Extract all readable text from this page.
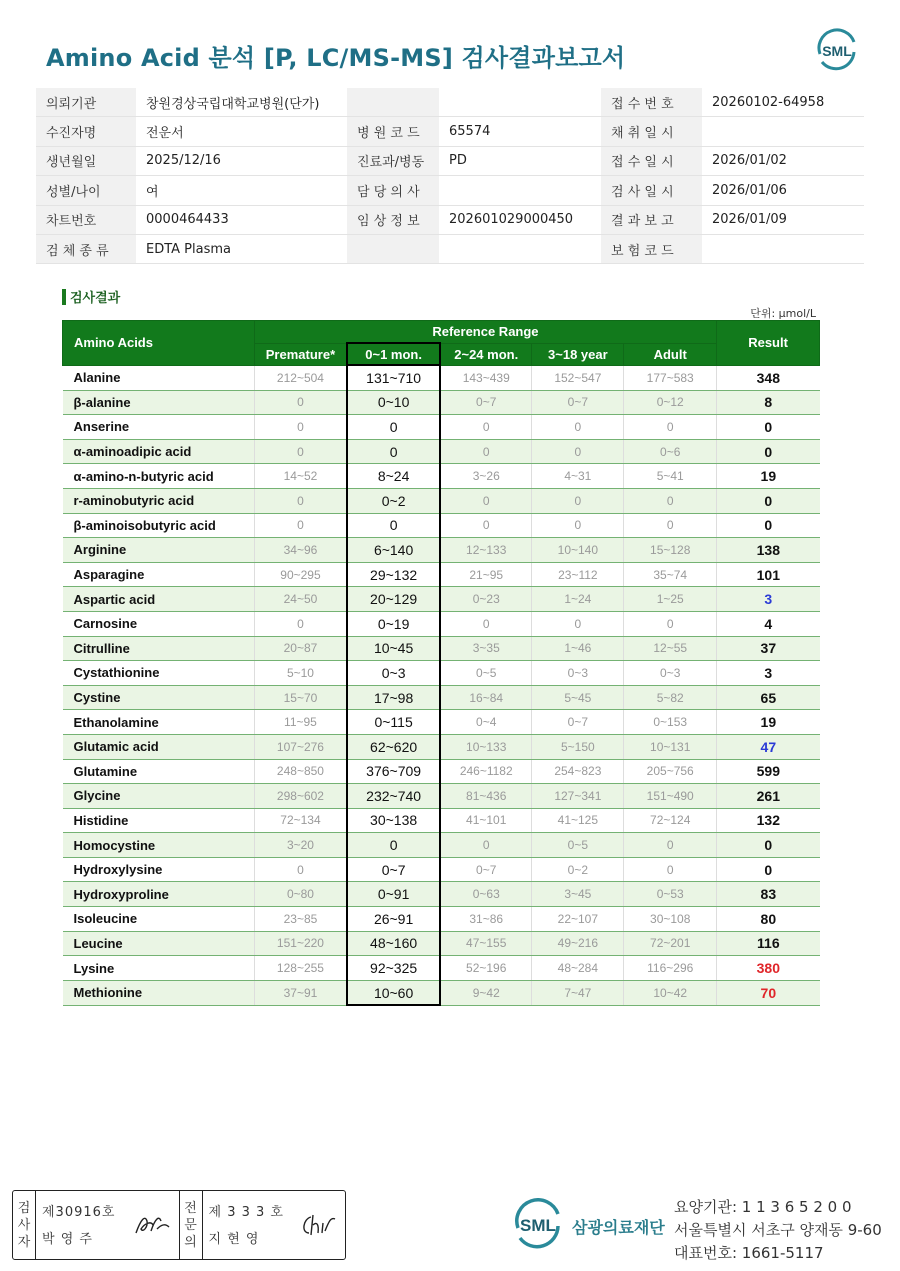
Amino Acid 분석 [P, LC/MS-MS] 검사결과보고서	SML
의뢰기관	창원경상국립대학교병원(단가)			접 수 번 호	20260102-64958
수진자명	전운서	병 원 코 드	65574	채 취 일 시	
생년월일	2025/12/16	진료과/병동	PD	접 수 일 시	2026/01/02
성별/나이	여	담 당 의 사		검 사 일 시	2026/01/06
차트번호	0000464433	임 상 정 보	202601029000450	결 과 보 고	2026/01/09
검 체 종 류	EDTA Plasma			보 험 코 드	
검사결과
단위: μmol/L
Amino Acids	Reference Range					Result
	Premature*	0~1 mon.	2~24 mon.	3~18 year	Adult	
Alanine	212~504	131~710	143~439	152~547	177~583	348
β-alanine	0	0~10	0~7	0~7	0~12	8
Anserine	0	0	0	0	0	0
α-aminoadipic acid	0	0	0	0	0~6	0
α-amino-n-butyric acid	14~52	8~24	3~26	4~31	5~41	19
r-aminobutyric acid	0	0~2	0	0	0	0
β-aminoisobutyric acid	0	0	0	0	0	0
Arginine	34~96	6~140	12~133	10~140	15~128	138
Asparagine	90~295	29~132	21~95	23~112	35~74	101
Aspartic acid	24~50	20~129	0~23	1~24	1~25	3
Carnosine	0	0~19	0	0	0	4
Citrulline	20~87	10~45	3~35	1~46	12~55	37
Cystathionine	5~10	0~3	0~5	0~3	0~3	3
Cystine	15~70	17~98	16~84	5~45	5~82	65
Ethanolamine	11~95	0~115	0~4	0~7	0~153	19
Glutamic acid	107~276	62~620	10~133	5~150	10~131	47
Glutamine	248~850	376~709	246~1182	254~823	205~756	599
Glycine	298~602	232~740	81~436	127~341	151~490	261
Histidine	72~134	30~138	41~101	41~125	72~124	132
Homocystine	3~20	0	0	0~5	0	0
Hydroxylysine	0	0~7	0~7	0~2	0	0
Hydroxyproline	0~80	0~91	0~63	3~45	0~53	83
Isoleucine	23~85	26~91	31~86	22~107	30~108	80
Leucine	151~220	48~160	47~155	49~216	72~201	116
Lysine	128~255	92~325	52~196	48~284	116~296	380
Methionine	37~91	10~60	9~42	7~47	10~42	70
검
사
자
제30916호
박 영 주
전
문
의
제 3 3 3 호
지 현 영
SML 삼광의료재단
요양기관: 1 1 3 6 5 2 0 0
서울특별시 서초구 양재동 9-60
대표번호: 1661-5117
